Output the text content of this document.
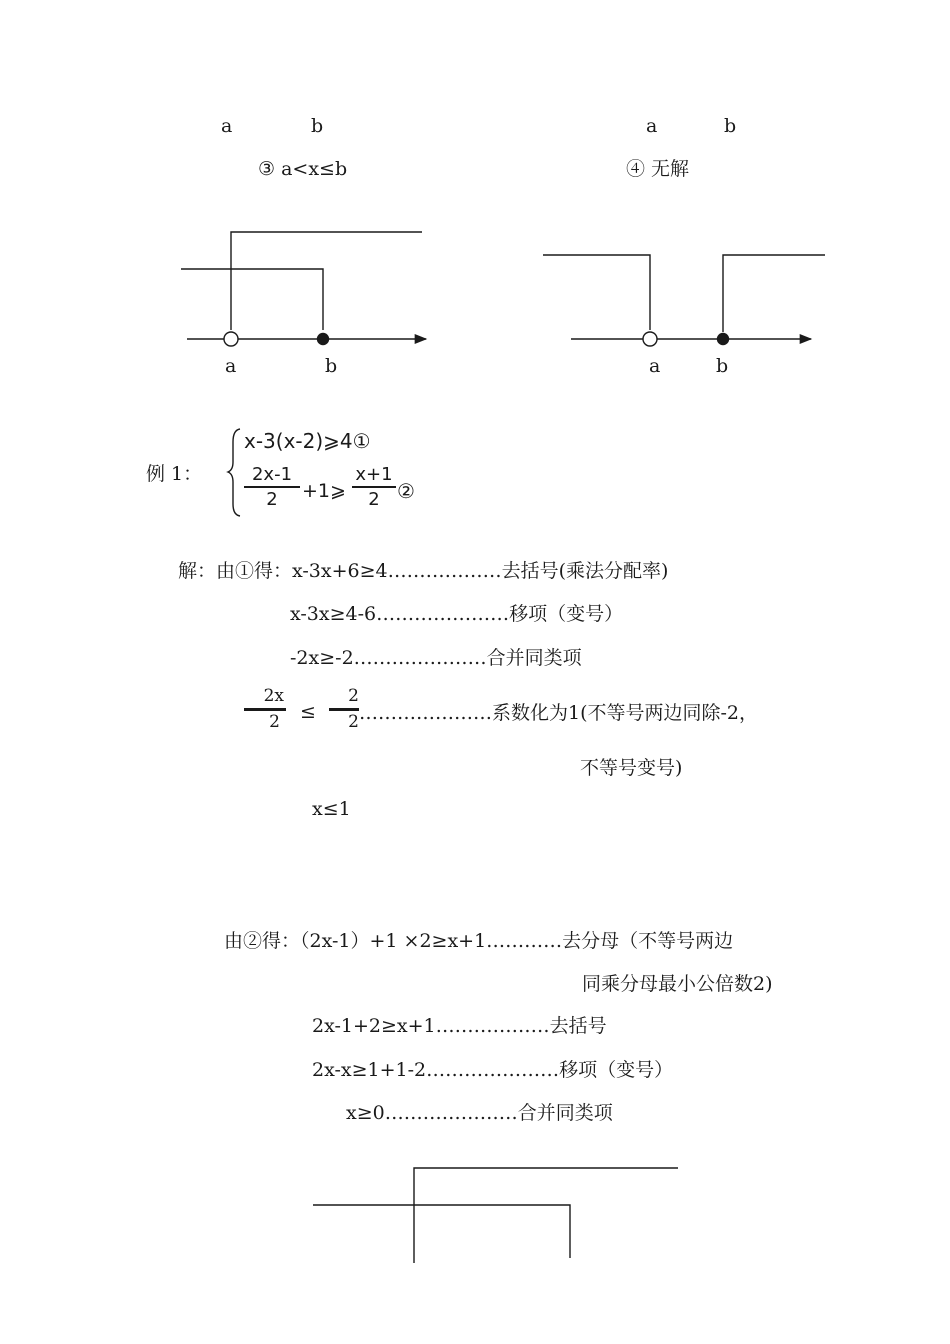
a	b	a	b
③ a<x≤b	④ 无解
a	b	a	b
例 1：
x-3(x-2)⩾4①
2x-1
2	+1⩾
x+1
2 ②
解：由①得：x-3x+6≥4………………去括号(乘法分配率)
x-3x≥4-6…………………移项（变号）
-2x≥-2…………………合并同类项
2x
2	≤
2
2 …………………系数化为1(不等号两边同除-2，
不等号变号)
x≤1
由②得：（2x-1）+1 ×2≥x+1…………去分母（不等号两边
同乘分母最小公倍数2)
2x-1+2≥x+1………………去括号
2x-x≥1+1-2…………………移项（变号）
x≥0…………………合并同类项
